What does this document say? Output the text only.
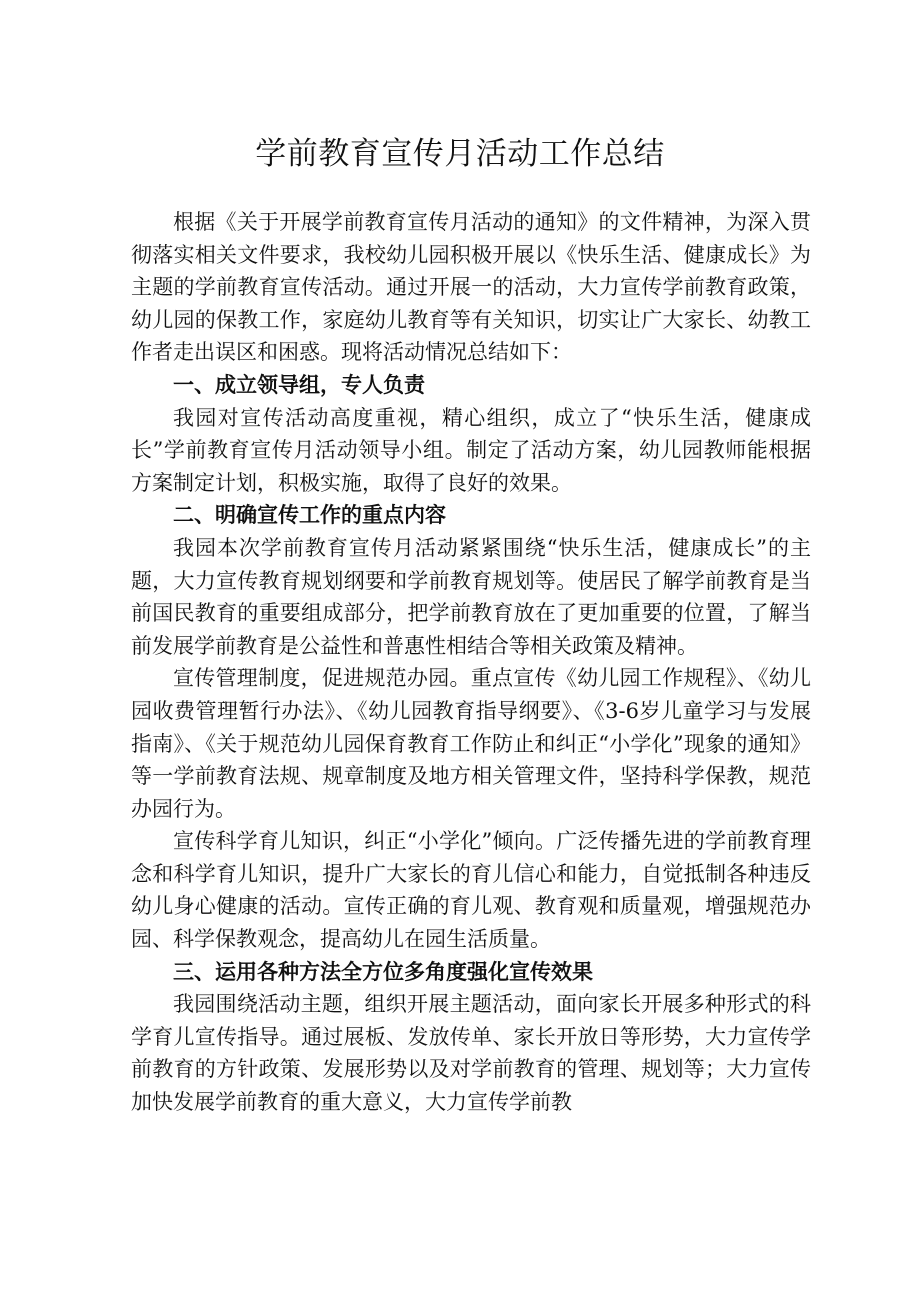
学前教育宣传月活动工作总结

根据《关于开展学前教育宣传月活动的通知》的文件精神，为深入贯彻落实相关文件要求，我校幼儿园积极开展以《快乐生活、健康成长》为主题的学前教育宣传活动。通过开展一的活动，大力宣传学前教育政策，幼儿园的保教工作，家庭幼儿教育等有关知识，切实让广大家长、幼教工作者走出误区和困惑。现将活动情况总结如下：

一、成立领导组，专人负责

我园对宣传活动高度重视，精心组织，成立了“快乐生活，健康成长”学前教育宣传月活动领导小组。制定了活动方案，幼儿园教师能根据方案制定计划，积极实施，取得了良好的效果。

二、明确宣传工作的重点内容

我园本次学前教育宣传月活动紧紧围绕“快乐生活，健康成长”的主题，大力宣传教育规划纲要和学前教育规划等。使居民了解学前教育是当前国民教育的重要组成部分，把学前教育放在了更加重要的位置，了解当前发展学前教育是公益性和普惠性相结合等相关政策及精神。

宣传管理制度，促进规范办园。重点宣传《幼儿园工作规程》、《幼儿园收费管理暂行办法》、《幼儿园教育指导纲要》、《3-6岁儿童学习与发展指南》、《关于规范幼儿园保育教育工作防止和纠正“小学化”现象的通知》等一学前教育法规、规章制度及地方相关管理文件，坚持科学保教，规范办园行为。

宣传科学育儿知识，纠正“小学化”倾向。广泛传播先进的学前教育理念和科学育儿知识，提升广大家长的育儿信心和能力，自觉抵制各种违反幼儿身心健康的活动。宣传正确的育儿观、教育观和质量观，增强规范办园、科学保教观念，提高幼儿在园生活质量。

三、运用各种方法全方位多角度强化宣传效果

我园围绕活动主题，组织开展主题活动，面向家长开展多种形式的科学育儿宣传指导。通过展板、发放传单、家长开放日等形势，大力宣传学前教育的方针政策、发展形势以及对学前教育的管理、规划等；大力宣传加快发展学前教育的重大意义，大力宣传学前教
